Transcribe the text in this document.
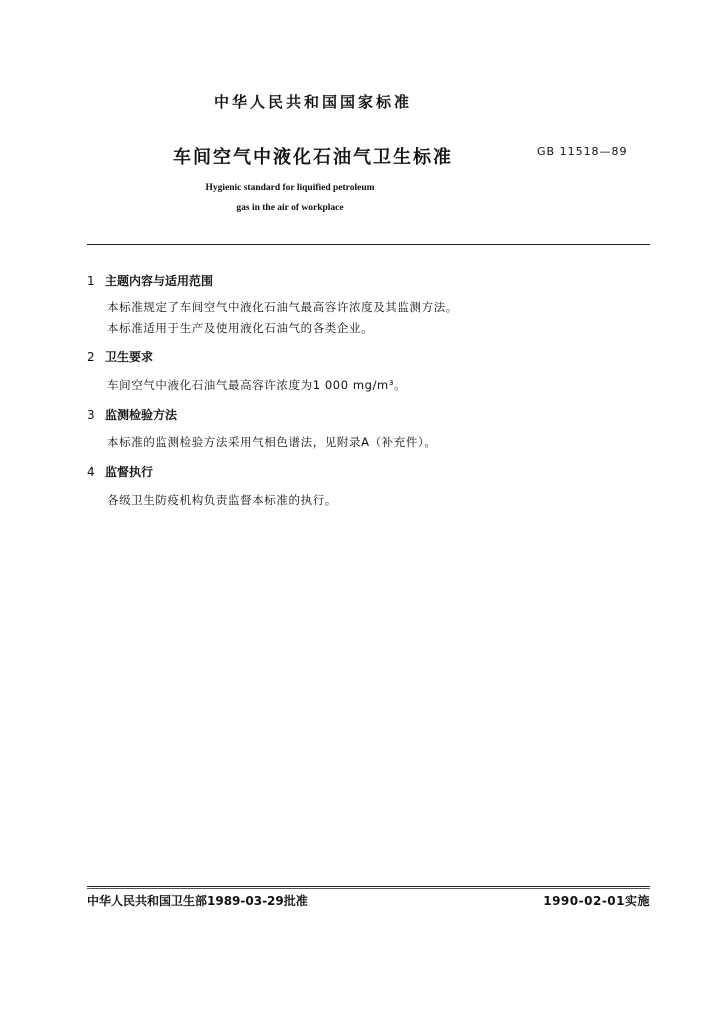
中华人民共和国国家标准
车间空气中液化石油气卫生标准	GB 11518—89
Hygienic standard for liquified petroleum
gas in the air of workplace
1 主题内容与适用范围
本标准规定了车间空气中液化石油气最高容许浓度及其监测方法。
本标准适用于生产及使用液化石油气的各类企业。
2 卫生要求
车间空气中液化石油气最高容许浓度为1 000 mg/m³。
3 监测检验方法
本标准的监测检验方法采用气相色谱法，见附录A（补充件）。
4 监督执行
各级卫生防疫机构负责监督本标准的执行。
中华人民共和国卫生部1989-03-29批准	1990-02-01实施
